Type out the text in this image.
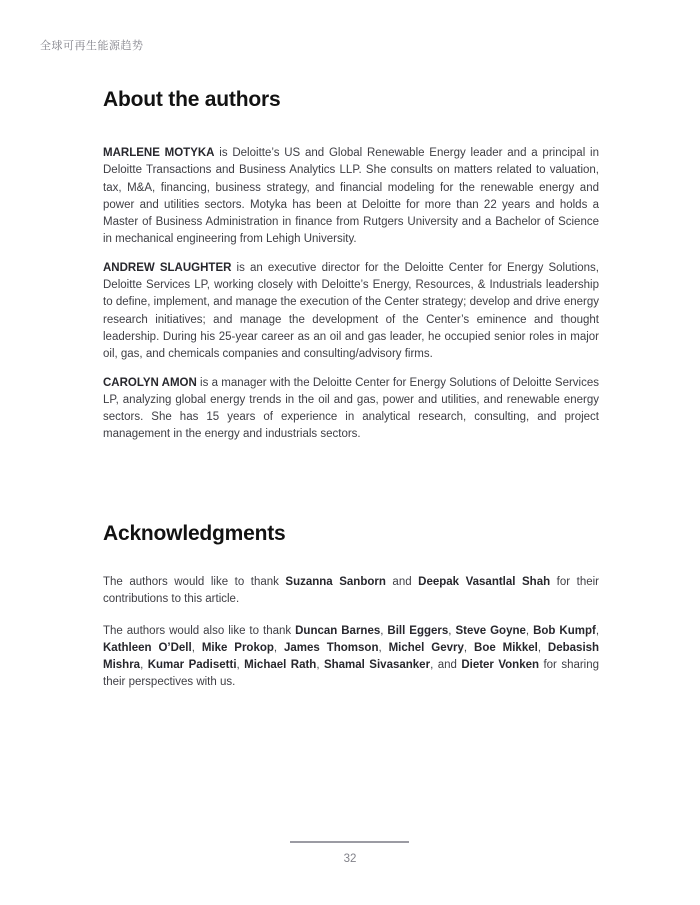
全球可再生能源趋势
About the authors

MARLENE MOTYKA is Deloitte’s US and Global Renewable Energy leader and a principal in Deloitte Transactions and Business Analytics LLP. She consults on matters related to valuation, tax, M&A, financing, business strategy, and financial modeling for the renewable energy and power and utilities sectors. Motyka has been at Deloitte for more than 22 years and holds a Master of Business Administration in finance from Rutgers University and a Bachelor of Science in mechanical engineering from Lehigh University.

ANDREW SLAUGHTER is an executive director for the Deloitte Center for Energy Solutions, Deloitte Services LP, working closely with Deloitte’s Energy, Resources, & Industrials leadership to define, implement, and manage the execution of the Center strategy; develop and drive energy research initiatives; and manage the development of the Center’s eminence and thought leadership. During his 25-year career as an oil and gas leader, he occupied senior roles in major oil, gas, and chemicals companies and consulting/advisory firms.

CAROLYN AMON is a manager with the Deloitte Center for Energy Solutions of Deloitte Services LP, analyzing global energy trends in the oil and gas, power and utilities, and renewable energy sectors. She has 15 years of experience in analytical research, consulting, and project management in the energy and industrials sectors.

Acknowledgments

The authors would like to thank Suzanna Sanborn and Deepak Vasantlal Shah for their contributions to this article.

The authors would also like to thank Duncan Barnes, Bill Eggers, Steve Goyne, Bob Kumpf, Kathleen O’Dell, Mike Prokop, James Thomson, Michel Gevry, Boe Mikkel, Debasish Mishra, Kumar Padisetti, Michael Rath, Shamal Sivasanker, and Dieter Vonken for sharing their perspectives with us.

32
